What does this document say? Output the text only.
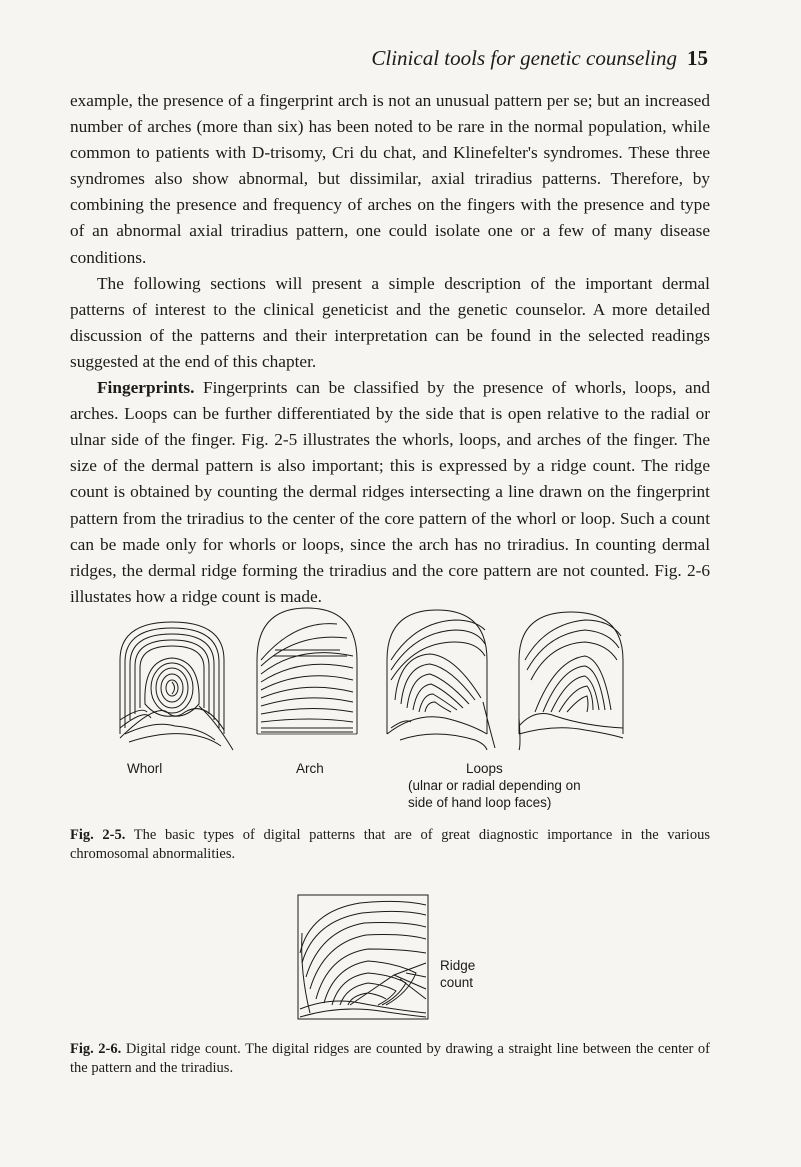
Clinical tools for genetic counseling 15

example, the presence of a fingerprint arch is not an unusual pattern per se; but an increased number of arches (more than six) has been noted to be rare in the normal population, while common to patients with D-trisomy, Cri du chat, and Klinefelter's syndromes. These three syndromes also show abnormal, but dissimilar, axial triradius patterns. Therefore, by combining the presence and frequency of arches on the fingers with the presence and type of an abnormal axial triradius pattern, one could isolate one or a few of many disease conditions.

The following sections will present a simple description of the important dermal patterns of interest to the clinical geneticist and the genetic counselor. A more detailed discussion of the patterns and their interpretation can be found in the selected readings suggested at the end of this chapter.

Fingerprints. Fingerprints can be classified by the presence of whorls, loops, and arches. Loops can be further differentiated by the side that is open relative to the radial or ulnar side of the finger. Fig. 2-5 illustrates the whorls, loops, and arches of the finger. The size of the dermal pattern is also important; this is expressed by a ridge count. The ridge count is obtained by counting the dermal ridges intersecting a line drawn on the fingerprint pattern from the triradius to the center of the core pattern of the whorl or loop. Such a count can be made only for whorls or loops, since the arch has no triradius. In counting dermal ridges, the dermal ridge forming the triradius and the core pattern are not counted. Fig. 2-6 illustates how a ridge count is made.

Whorl	Arch	Loops
(ulnar or radial depending on
side of hand loop faces)
Fig. 2-5. The basic types of digital patterns that are of great diagnostic importance in the various chromosomal abnormalities.
Ridge
count
Fig. 2-6. Digital ridge count. The digital ridges are counted by drawing a straight line between the center of the pattern and the triradius.
